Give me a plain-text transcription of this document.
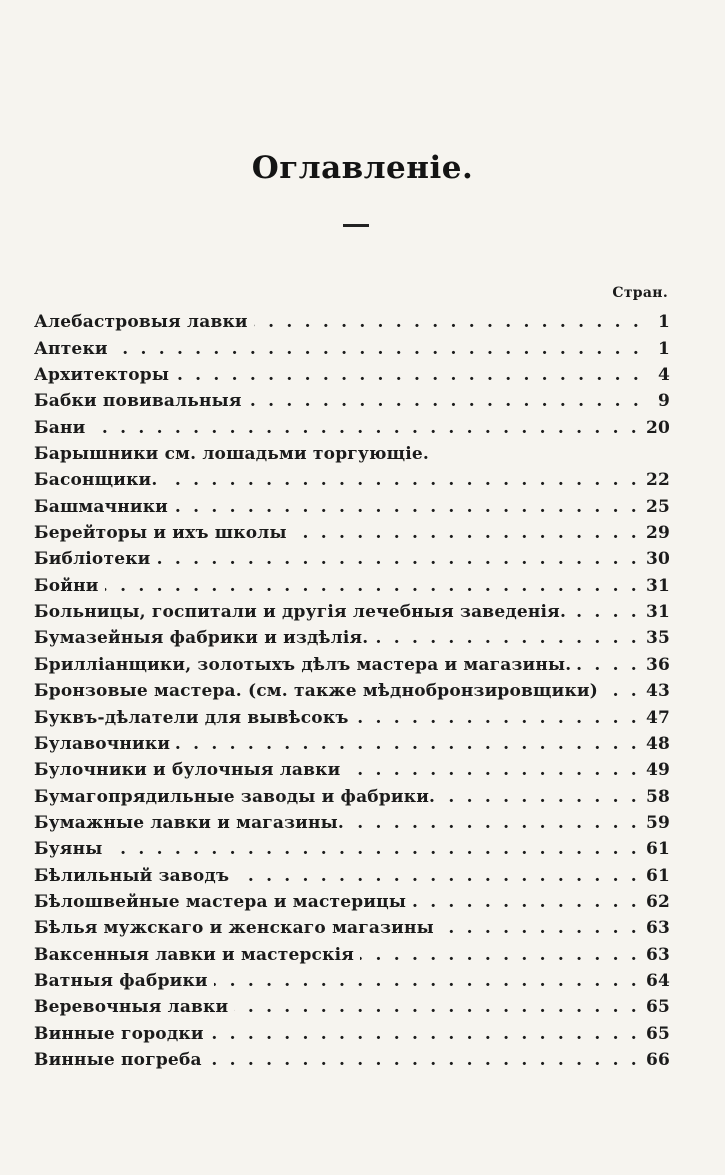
Оглавленіе.
Стран.
Алебастровыя лавки . . .	1
Аптеки . . .	1
Архитекторы . . .	4
Бабки повивальныя . . .	9
Бани . . .	20
Барышники см. лошадьми торгующіе.
Басонщики. . . .	22
Башмачники . . .	25
Берейторы и ихъ школы . . .	29
Библіотеки . . .	30
Бойни . . .	31
Больницы, госпитали и другія лечебныя заведенія. . . .	31
Бумазейныя фабрики и издѣлія. . . .	35
Брилліанщики, золотыхъ дѣлъ мастера и магазины. . . .	36
Бронзовые мастера. (см. также мѣднобронзировщики) . . .	43
Буквъ-дѣлатели для вывѣсокъ . . .	47
Булавочники . . .	48
Булочники и булочныя лавки . . .	49
Бумагопрядильные заводы и фабрики. . . .	58
Бумажные лавки и магазины. . . .	59
Буяны . . .	61
Бѣлильный заводъ . . .	61
Бѣлошвейные мастера и мастерицы . . .	62
Бѣлья мужскаго и женскаго магазины . . .	63
Ваксенныя лавки и мастерскія . . .	63
Ватныя фабрики . . .	64
Веревочныя лавки . . .	65
Винные городки . . .	65
Винные погреба . . .	66
